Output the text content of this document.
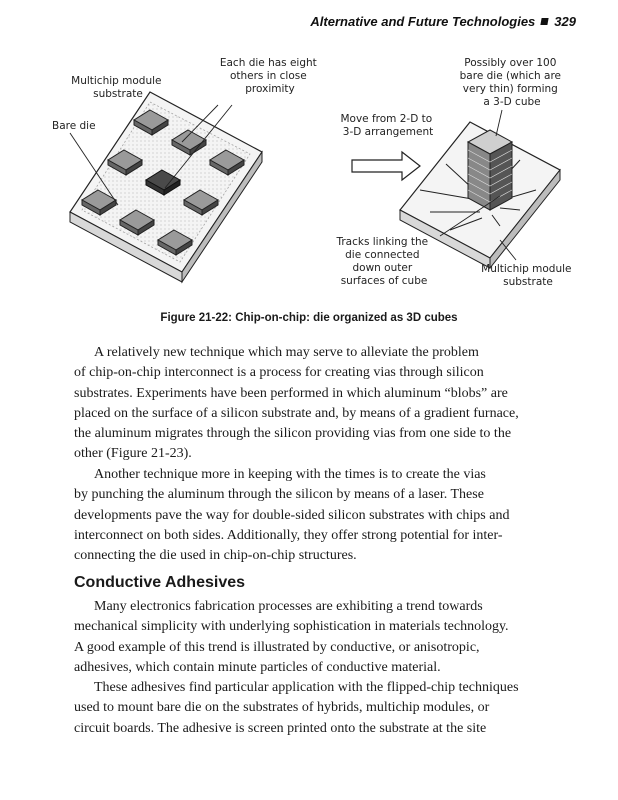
Alternative and Future Technologies 329
Multichip module substrate
Bare die
Each die has eight others in close proximity
Move from 2-D to 3-D arrangement
Possibly over 100 bare die (which are very thin) forming a 3-D cube
Tracks linking the die connected down outer surfaces of cube
Multichip module substrate
Figure 21-22: Chip-on-chip: die organized as 3D cubes

A relatively new technique which may serve to alleviate the problem
of chip-on-chip interconnect is a process for creating vias through silicon
substrates. Experiments have been performed in which aluminum “blobs” are
placed on the surface of a silicon substrate and, by means of a gradient furnace,
the aluminum migrates through the silicon providing vias from one side to the
other (Figure 21-23).

Another technique more in keeping with the times is to create the vias
by punching the aluminum through the silicon by means of a laser. These
developments pave the way for double-sided silicon substrates with chips and
interconnect on both sides. Additionally, they offer strong potential for inter-
connecting the die used in chip-on-chip structures.

Conductive Adhesives

Many electronics fabrication processes are exhibiting a trend towards
mechanical simplicity with underlying sophistication in materials technology.
A good example of this trend is illustrated by conductive, or anisotropic,
adhesives, which contain minute particles of conductive material.

These adhesives find particular application with the flipped-chip techniques
used to mount bare die on the substrates of hybrids, multichip modules, or
circuit boards. The adhesive is screen printed onto the substrate at the site
